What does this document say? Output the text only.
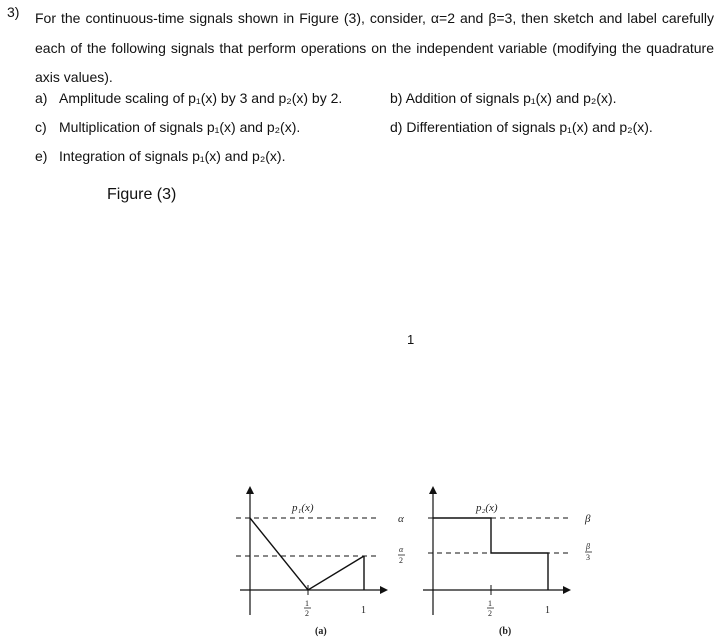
3) For the continuous-time signals shown in Figure (3), consider, α=2 and β=3, then sketch and label carefully each of the following signals that perform operations on the independent variable (modifying the quadrature axis values).
a) Amplitude scaling of p₁(x) by 3 and p₂(x) by 2.	b) Addition of signals p₁(x) and p₂(x).
c) Multiplication of signals p₁(x) and p₂(x).	d) Differentiation of signals p₁(x) and p₂(x).
e) Integration of signals p₁(x) and p₂(x).
Figure (3)
1
p₁(x)
α
α
2
1
2	1
(a)
p₂(x)
β
β
3
1
2	1
(b)
